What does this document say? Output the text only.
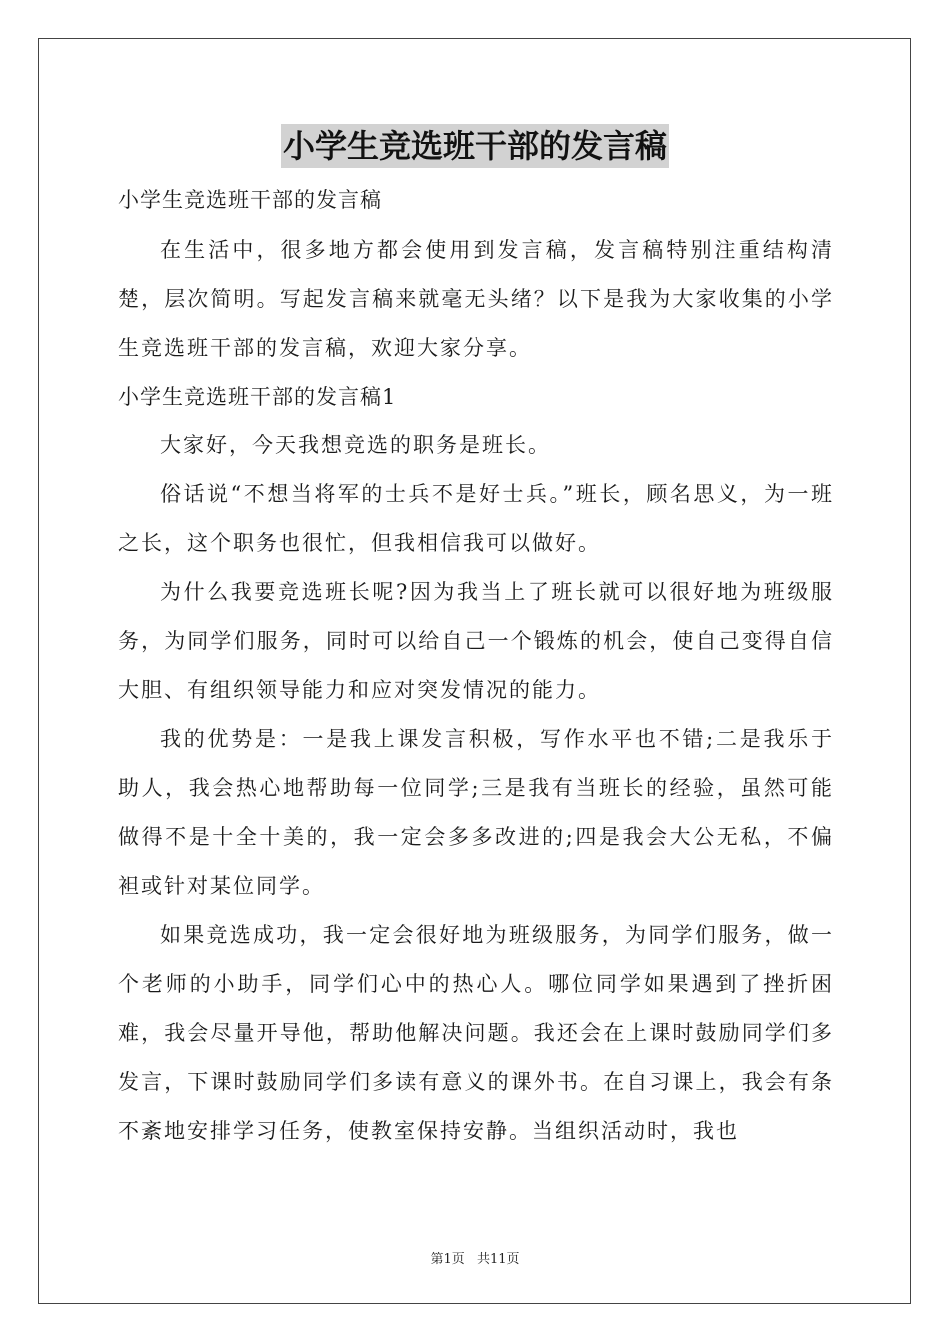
小学生竞选班干部的发言稿

小学生竞选班干部的发言稿

在生活中，很多地方都会使用到发言稿，发言稿特别注重结构清楚，层次简明。写起发言稿来就毫无头绪？以下是我为大家收集的小学生竞选班干部的发言稿，欢迎大家分享。

小学生竞选班干部的发言稿1

大家好，今天我想竞选的职务是班长。

俗话说“不想当将军的士兵不是好士兵。”班长，顾名思义，为一班之长，这个职务也很忙，但我相信我可以做好。

为什么我要竞选班长呢?因为我当上了班长就可以很好地为班级服务，为同学们服务，同时可以给自己一个锻炼的机会，使自己变得自信大胆、有组织领导能力和应对突发情况的能力。

我的优势是：一是我上课发言积极，写作水平也不错;二是我乐于助人，我会热心地帮助每一位同学;三是我有当班长的经验，虽然可能做得不是十全十美的，我一定会多多改进的;四是我会大公无私，不偏袒或针对某位同学。

如果竞选成功，我一定会很好地为班级服务，为同学们服务，做一个老师的小助手，同学们心中的热心人。哪位同学如果遇到了挫折困难，我会尽量开导他，帮助他解决问题。我还会在上课时鼓励同学们多发言，下课时鼓励同学们多读有意义的课外书。在自习课上，我会有条不紊地安排学习任务，使教室保持安静。当组织活动时，我也

第1页 共11页
